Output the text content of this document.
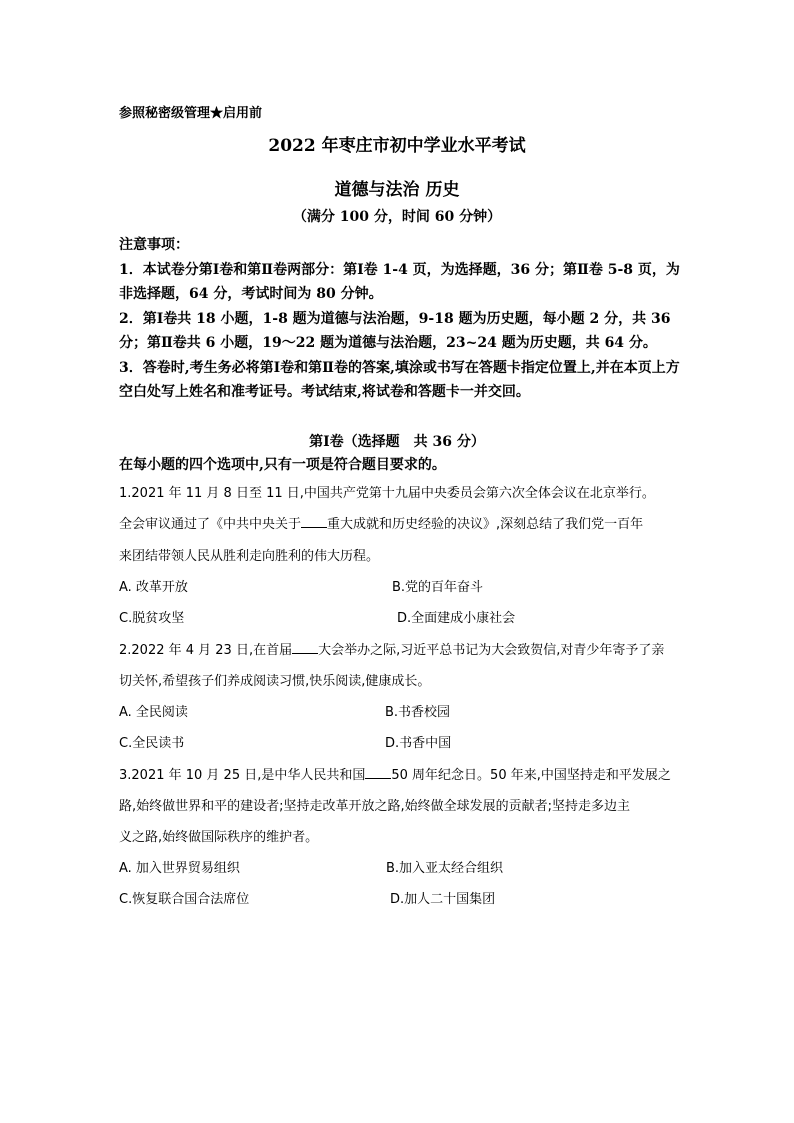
参照秘密级管理★启用前
2022 年枣庄市初中学业水平考试
道德与法治 历史
（满分 100 分，时间 60 分钟）
注意事项：
1．本试卷分第Ⅰ卷和第Ⅱ卷两部分：第Ⅰ卷 1-4 页，为选择题，36 分；第Ⅱ卷 5-8 页，为非选择题，64 分，考试时间为 80 分钟。
2．第Ⅰ卷共 18 小题，1-8 题为道德与法治题，9-18 题为历史题，每小题 2 分，共 36 分；第Ⅱ卷共 6 小题，19～22 题为道德与法治题，23~24 题为历史题，共 64 分。
3．答卷时,考生务必将第Ⅰ卷和第Ⅱ卷的答案,填涂或书写在答题卡指定位置上,并在本页上方空白处写上姓名和准考证号。考试结束,将试卷和答题卡一并交回。
第Ⅰ卷（选择题　共 36 分）
在每小题的四个选项中,只有一项是符合题目要求的。
1.2021 年 11 月 8 日至 11 日,中国共产党第十九届中央委员会第六次全体会议在北京举行。
全会审议通过了《中共中央关于 重大成就和历史经验的决议》,深刻总结了我们党一百年
来团结带领人民从胜利走向胜利的伟大历程。
A. 改革开放	B.党的百年奋斗
C.脱贫攻坚	D.全面建成小康社会
2.2022 年 4 月 23 日,在首届 大会举办之际,习近平总书记为大会致贺信,对青少年寄予了亲
切关怀,希望孩子们养成阅读习惯,快乐阅读,健康成长。
A. 全民阅读	B.书香校园
C.全民读书	D.书香中国
3.2021 年 10 月 25 日,是中华人民共和国 50 周年纪念日。50 年来,中国坚持走和平发展之
路,始终做世界和平的建设者;坚持走改革开放之路,始终做全球发展的贡献者;坚持走多边主
义之路,始终做国际秩序的维护者。
A. 加入世界贸易组织	B.加入亚太经合组织
C.恢复联合国合法席位	D.加人二十国集团
